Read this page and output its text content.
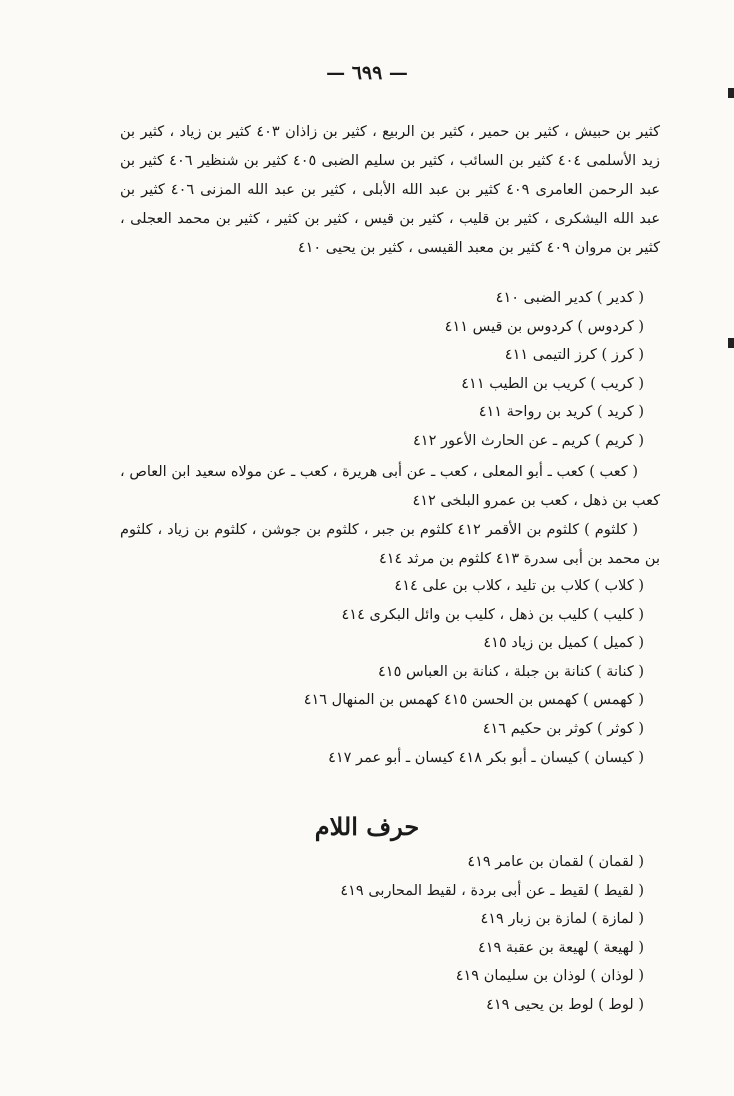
— ٦٩٩ —
كثير بن حبيش ، كثير بن حمير ، كثير بن الربيع ، كثير بن زاذان ٤٠٣ كثير بن زياد ، كثير بن زيد الأسلمى ٤٠٤ كثير بن السائب ، كثير بن سليم الضبى ٤٠٥ كثير بن شنظير ٤٠٦ كثير بن عبد الرحمن العامرى ٤٠٩ كثير بن عبد الله الأبلى ، كثير بن عبد الله المزنى ٤٠٦ كثير بن عبد الله اليشكرى ، كثير بن قليب ، كثير بن قيس ، كثير بن كثير ، كثير بن محمد العجلى ، كثير بن مروان ٤٠٩ كثير بن معبد القيسى ، كثير بن يحيى ٤١٠
( كدير ) كدير الضبى ٤١٠
( كردوس ) كردوس بن قيس ٤١١
( كرز ) كرز التيمى ٤١١
( كريب ) كريب بن الطيب ٤١١
( كريد ) كريد بن رواحة ٤١١
( كريم ) كريم ـ عن الحارث الأعور ٤١٢
( كعب ) كعب ـ أبو المعلى ، كعب ـ عن أبى هريرة ، كعب ـ عن مولاه سعيد ابن العاص ، كعب بن ذهل ، كعب بن عمرو البلخى ٤١٢
( كلثوم ) كلثوم بن الأقمر ٤١٢ كلثوم بن جبر ، كلثوم بن جوشن ، كلثوم بن زياد ، كلثوم بن محمد بن أبى سدرة ٤١٣ كلثوم بن مرثد ٤١٤
( كلاب ) كلاب بن تليد ، كلاب بن على ٤١٤
( كليب ) كليب بن ذهل ، كليب بن وائل البكرى ٤١٤
( كميل ) كميل بن زياد ٤١٥
( كنانة ) كنانة بن جبلة ، كنانة بن العباس ٤١٥
( كهمس ) كهمس بن الحسن ٤١٥ كهمس بن المنهال ٤١٦
( كوثر ) كوثر بن حكيم ٤١٦
( كيسان ) كيسان ـ أبو بكر ٤١٨ كيسان ـ أبو عمر ٤١٧
حرف اللام
( لقمان ) لقمان بن عامر ٤١٩
( لقيط ) لقيط ـ عن أبى بردة ، لقيط المحاربى ٤١٩
( لمازة ) لمازة بن زبار ٤١٩
( لهيعة ) لهيعة بن عقبة ٤١٩
( لوذان ) لوذان بن سليمان ٤١٩
( لوط ) لوط بن يحيى ٤١٩
